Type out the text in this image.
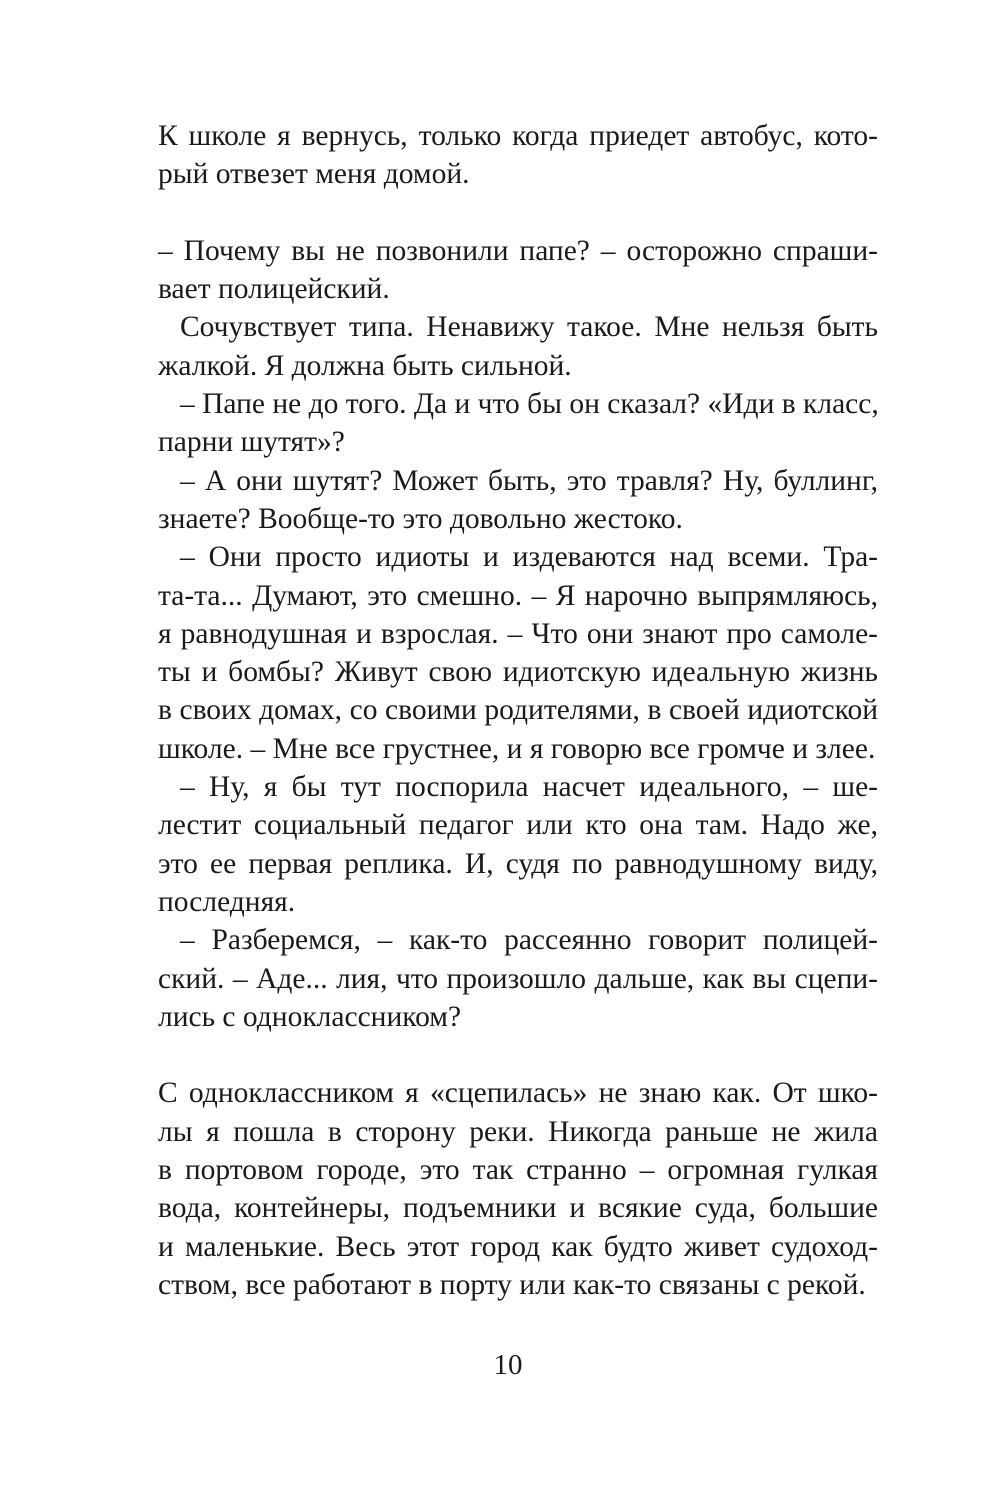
К школе я вернусь, только когда приедет автобус, кото-
рый отвезет меня домой.
– Почему вы не позвонили папе? – осторожно спраши-
вает полицейский.
Сочувствует типа. Ненавижу такое. Мне нельзя быть
жалкой. Я должна быть сильной.
– Папе не до того. Да и что бы он сказал? «Иди в класс,
парни шутят»?
– А они шутят? Может быть, это травля? Ну, буллинг,
знаете? Вообще-то это довольно жестоко.
– Они просто идиоты и издеваются над всеми. Тра-
та-та... Думают, это смешно. – Я нарочно выпрямляюсь,
я равнодушная и взрослая. – Что они знают про самоле-
ты и бомбы? Живут свою идиотскую идеальную жизнь
в своих домах, со своими родителями, в своей идиотской
школе. – Мне все грустнее, и я говорю все громче и злее.
– Ну, я бы тут поспорила насчет идеального, – ше-
лестит социальный педагог или кто она там. Надо же,
это ее первая реплика. И, судя по равнодушному виду,
последняя.
– Разберемся, – как-то рассеянно говорит полицей-
ский. – Аде... лия, что произошло дальше, как вы сцепи-
лись с одноклассником?
С одноклассником я «сцепилась» не знаю как. От шко-
лы я пошла в сторону реки. Никогда раньше не жила
в портовом городе, это так странно – огромная гулкая
вода, контейнеры, подъемники и всякие суда, большие
и маленькие. Весь этот город как будто живет судоход-
ством, все работают в порту или как-то связаны с рекой.
10
